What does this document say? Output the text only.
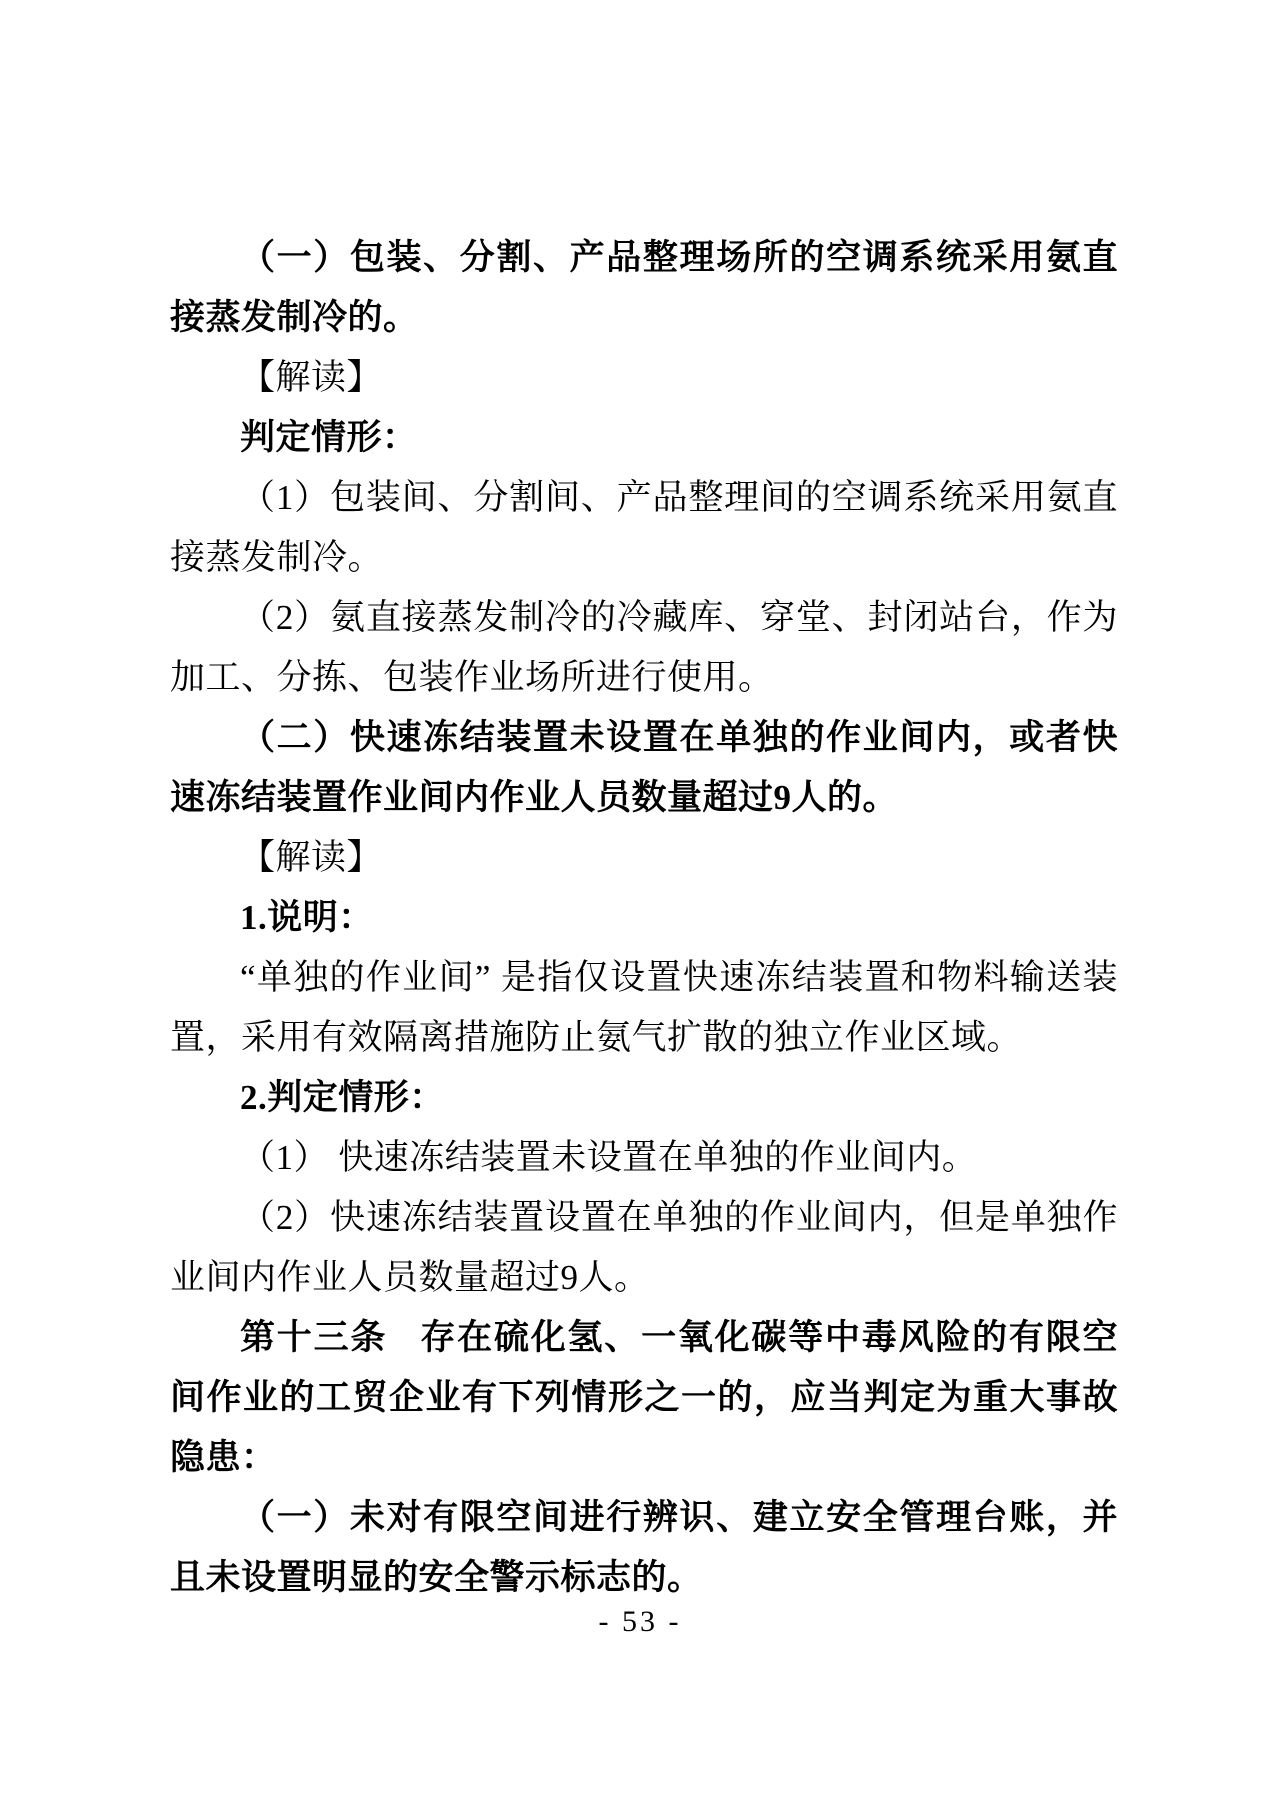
（一）包装、分割、产品整理场所的空调系统采用氨直接蒸发制冷的。

【解读】

判定情形：

（1）包装间、分割间、产品整理间的空调系统采用氨直接蒸发制冷。

（2）氨直接蒸发制冷的冷藏库、穿堂、封闭站台，作为加工、分拣、包装作业场所进行使用。

（二）快速冻结装置未设置在单独的作业间内，或者快速冻结装置作业间内作业人员数量超过9人的。

【解读】

1.说明：

“单独的作业间” 是指仅设置快速冻结装置和物料输送装置，采用有效隔离措施防止氨气扩散的独立作业区域。

2.判定情形：

（1） 快速冻结装置未设置在单独的作业间内。

（2）快速冻结装置设置在单独的作业间内，但是单独作业间内作业人员数量超过9人。

第十三条 存在硫化氢、一氧化碳等中毒风险的有限空间作业的工贸企业有下列情形之一的，应当判定为重大事故隐患：

（一）未对有限空间进行辨识、建立安全管理台账，并且未设置明显的安全警示标志的。

- 53 -
